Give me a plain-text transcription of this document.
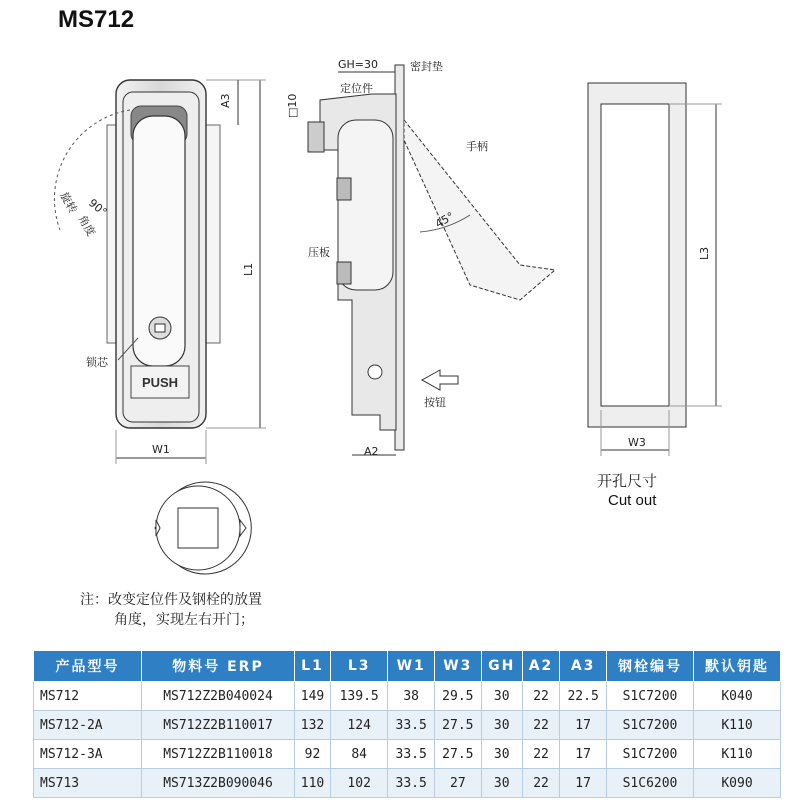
MS712
PUSH
A3
L1
W1
90°
旋转
角度
锁芯
GH=30	密封垫
定位件
□10
手柄
45°
压板
按钮
A2
L3
W3
开孔尺寸
Cut out
注：改变定位件及钢栓的放置
角度，实现左右开门；
产品型号	物料号 ERP	L1	L3	W1	W3	GH	A2	A3	钢栓编号	默认钥匙
MS712	MS712Z2B040024	149	139.5	38	29.5	30	22	22.5	S1C7200	K040
MS712-2A	MS712Z2B110017	132	124	33.5	27.5	30	22	17	S1C7200	K110
MS712-3A	MS712Z2B110018	92	84	33.5	27.5	30	22	17	S1C7200	K110
MS713	MS713Z2B090046	110	102	33.5	27	30	22	17	S1C6200	K090
